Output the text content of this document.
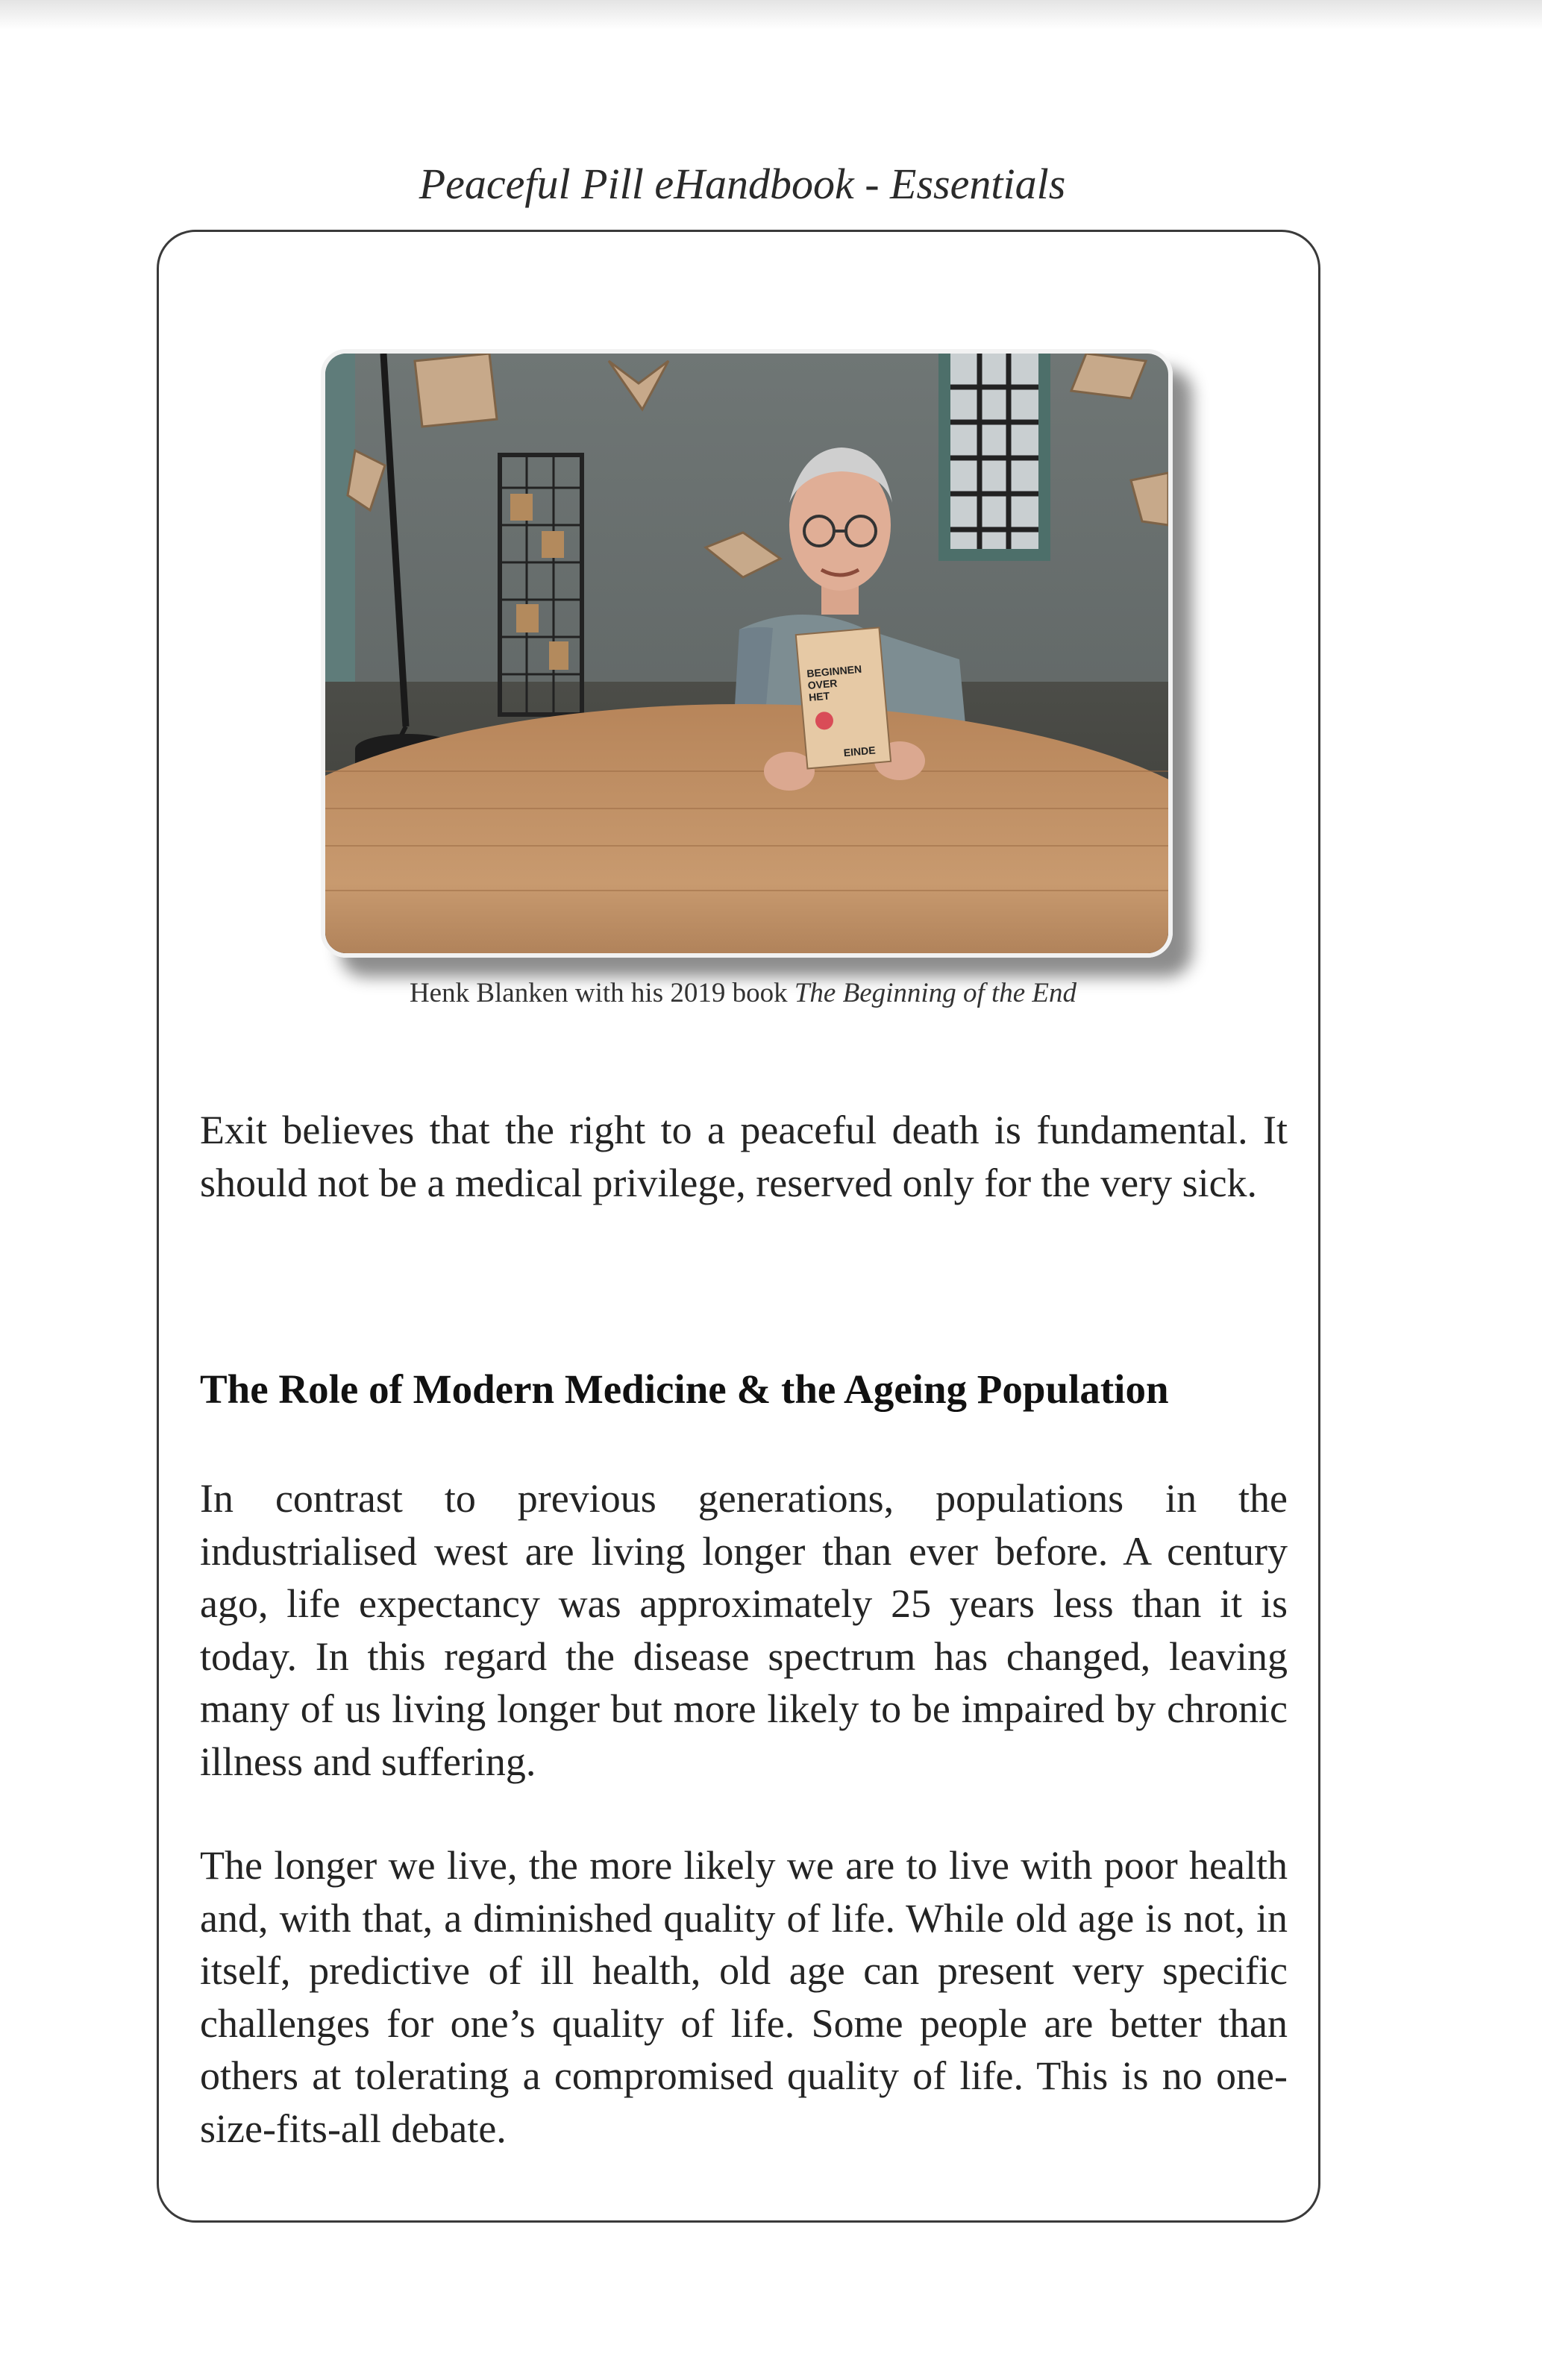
Peaceful Pill eHandbook - Essentials
BEGINNEN
OVER
HET
EINDE
Henk Blanken with his 2019 book The Beginning of the End

Exit believes that the right to a peaceful death is fundamental. It should not be a medical privilege, reserved only for the very sick.

The Role of Modern Medicine & the Ageing Population

In contrast to previous generations, populations in the industrialised west are living longer than ever before. A century ago, life expectancy was approximately 25 years less than it is today. In this regard the disease spectrum has changed, leaving many of us living longer but more likely to be impaired by chronic illness and suffering.

The longer we live, the more likely we are to live with poor health and, with that, a diminished quality of life. While old age is not, in itself, predictive of ill health, old age can present very specific challenges for one’s quality of life. Some people are better than others at tolerating a compromised quality of life. This is no one-size-fits-all debate.
